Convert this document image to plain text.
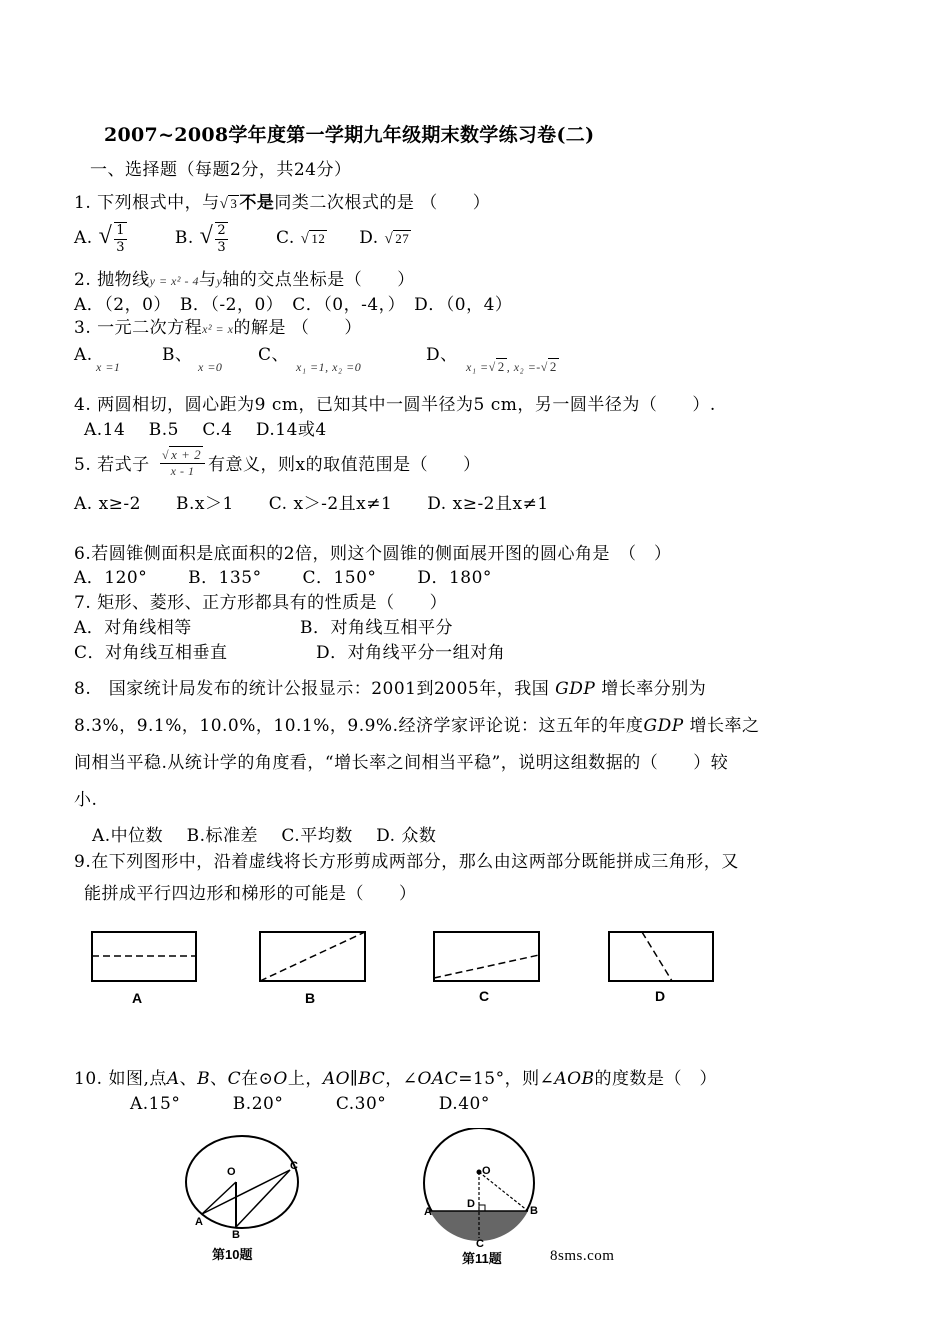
2007~2008学年度第一学期九年级期末数学练习卷(二)
一、选择题（每题2分，共24分）
1. 下列根式中，与√ 3 不是同类二次根式的是 （　　）
A. √ $\frac{1}{3}$	B. √ $\frac{2}{3}$	C. √ 12 D. √ 27
2. 抛物线y = x² - 4与y轴的交点坐标是（　　）
A．（2，0）　B．（-2，0）　C．（0，-4，）　D．（0，4）
3. 一元二次方程x² = x的解是 （　　）
A.
x =1
B、
x =0
C、
x₁ =1, x₂ =0
D、
x₁ =√ 2 , x₂ =-√ 2
4. 两圆相切，圆心距为9 cm，已知其中一圆半径为5 cm，另一圆半径为（　　）.
A.14　 B.5　 C.4　 D.14或4
5. 若式子 √ x + 2
x - 1 有意义，则x的取值范围是（　　）
A. x≥-2　　B.x＞1　　C. x＞-2且x≠1　　D. x≥-2且x≠1
6.若圆锥侧面积是底面积的2倍，则这个圆锥的侧面展开图的圆心角是　（　）
A．120°　　 B．135°　　 C．150°　　 D．180°
7. 矩形、菱形、正方形都具有的性质是（　　）
A．对角线相等	B．对角线互相平分
C．对角线互相垂直	D．对角线平分一组对角
8.　国家统计局发布的统计公报显示：2001到2005年，我国 GDP 增长率分别为
8.3%，9.1%，10.0%，10.1%，9.9%.经济学家评论说：这五年的年度GDP 增长率之
间相当平稳.从统计学的角度看，“增长率之间相当平稳”，说明这组数据的（　　）较
小.
A.中位数　 B.标准差　 C.平均数　 D. 众数
9.在下列图形中，沿着虚线将长方形剪成两部分，那么由这两部分既能拼成三角形，又
能拼成平行四边形和梯形的可能是（　　）
A	B	C	D
10. 如图,点A、B、C在⊙O上，AO∥BC，∠OAC=15°，则∠AOB的度数是（　）
A.15°　　　B.20°　　　C.30°　　　D.40°
O	C
A
B
第10题
O
D
A	B
C
第11题	8sms.com
